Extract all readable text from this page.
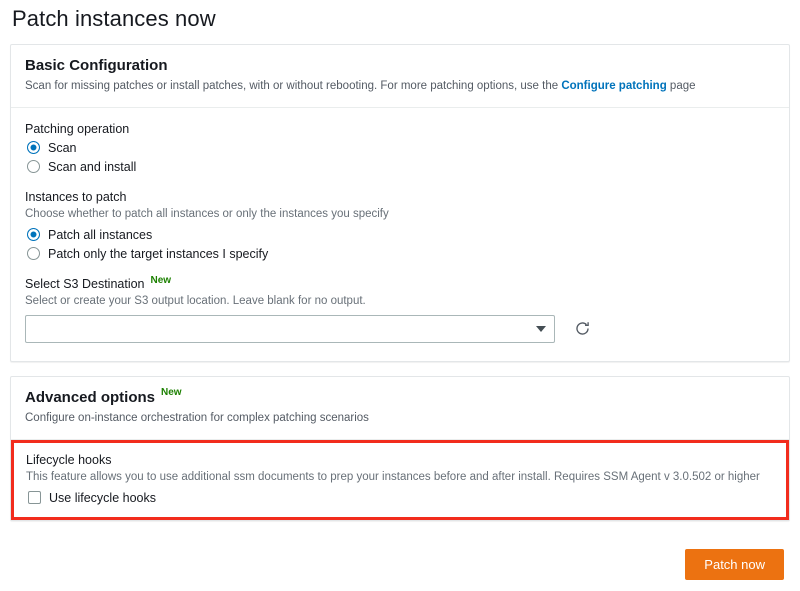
Patch instances now
Basic Configuration

Scan for missing patches or install patches, with or without rebooting. For more patching options, use the Configure patching page

Patching operation
Scan
Scan and install
Instances to patch
Choose whether to patch all instances or only the instances you specify
Patch all instances
Patch only the target instances I specify
Select S3 Destination $^{New}$
Select or create your S3 output location. Leave blank for no output.
Advanced options $^{New}$

Configure on-instance orchestration for complex patching scenarios

Lifecycle hooks
This feature allows you to use additional ssm documents to prep your instances before and after install. Requires SSM Agent v 3.0.502 or higher
Use lifecycle hooks
Patch now
